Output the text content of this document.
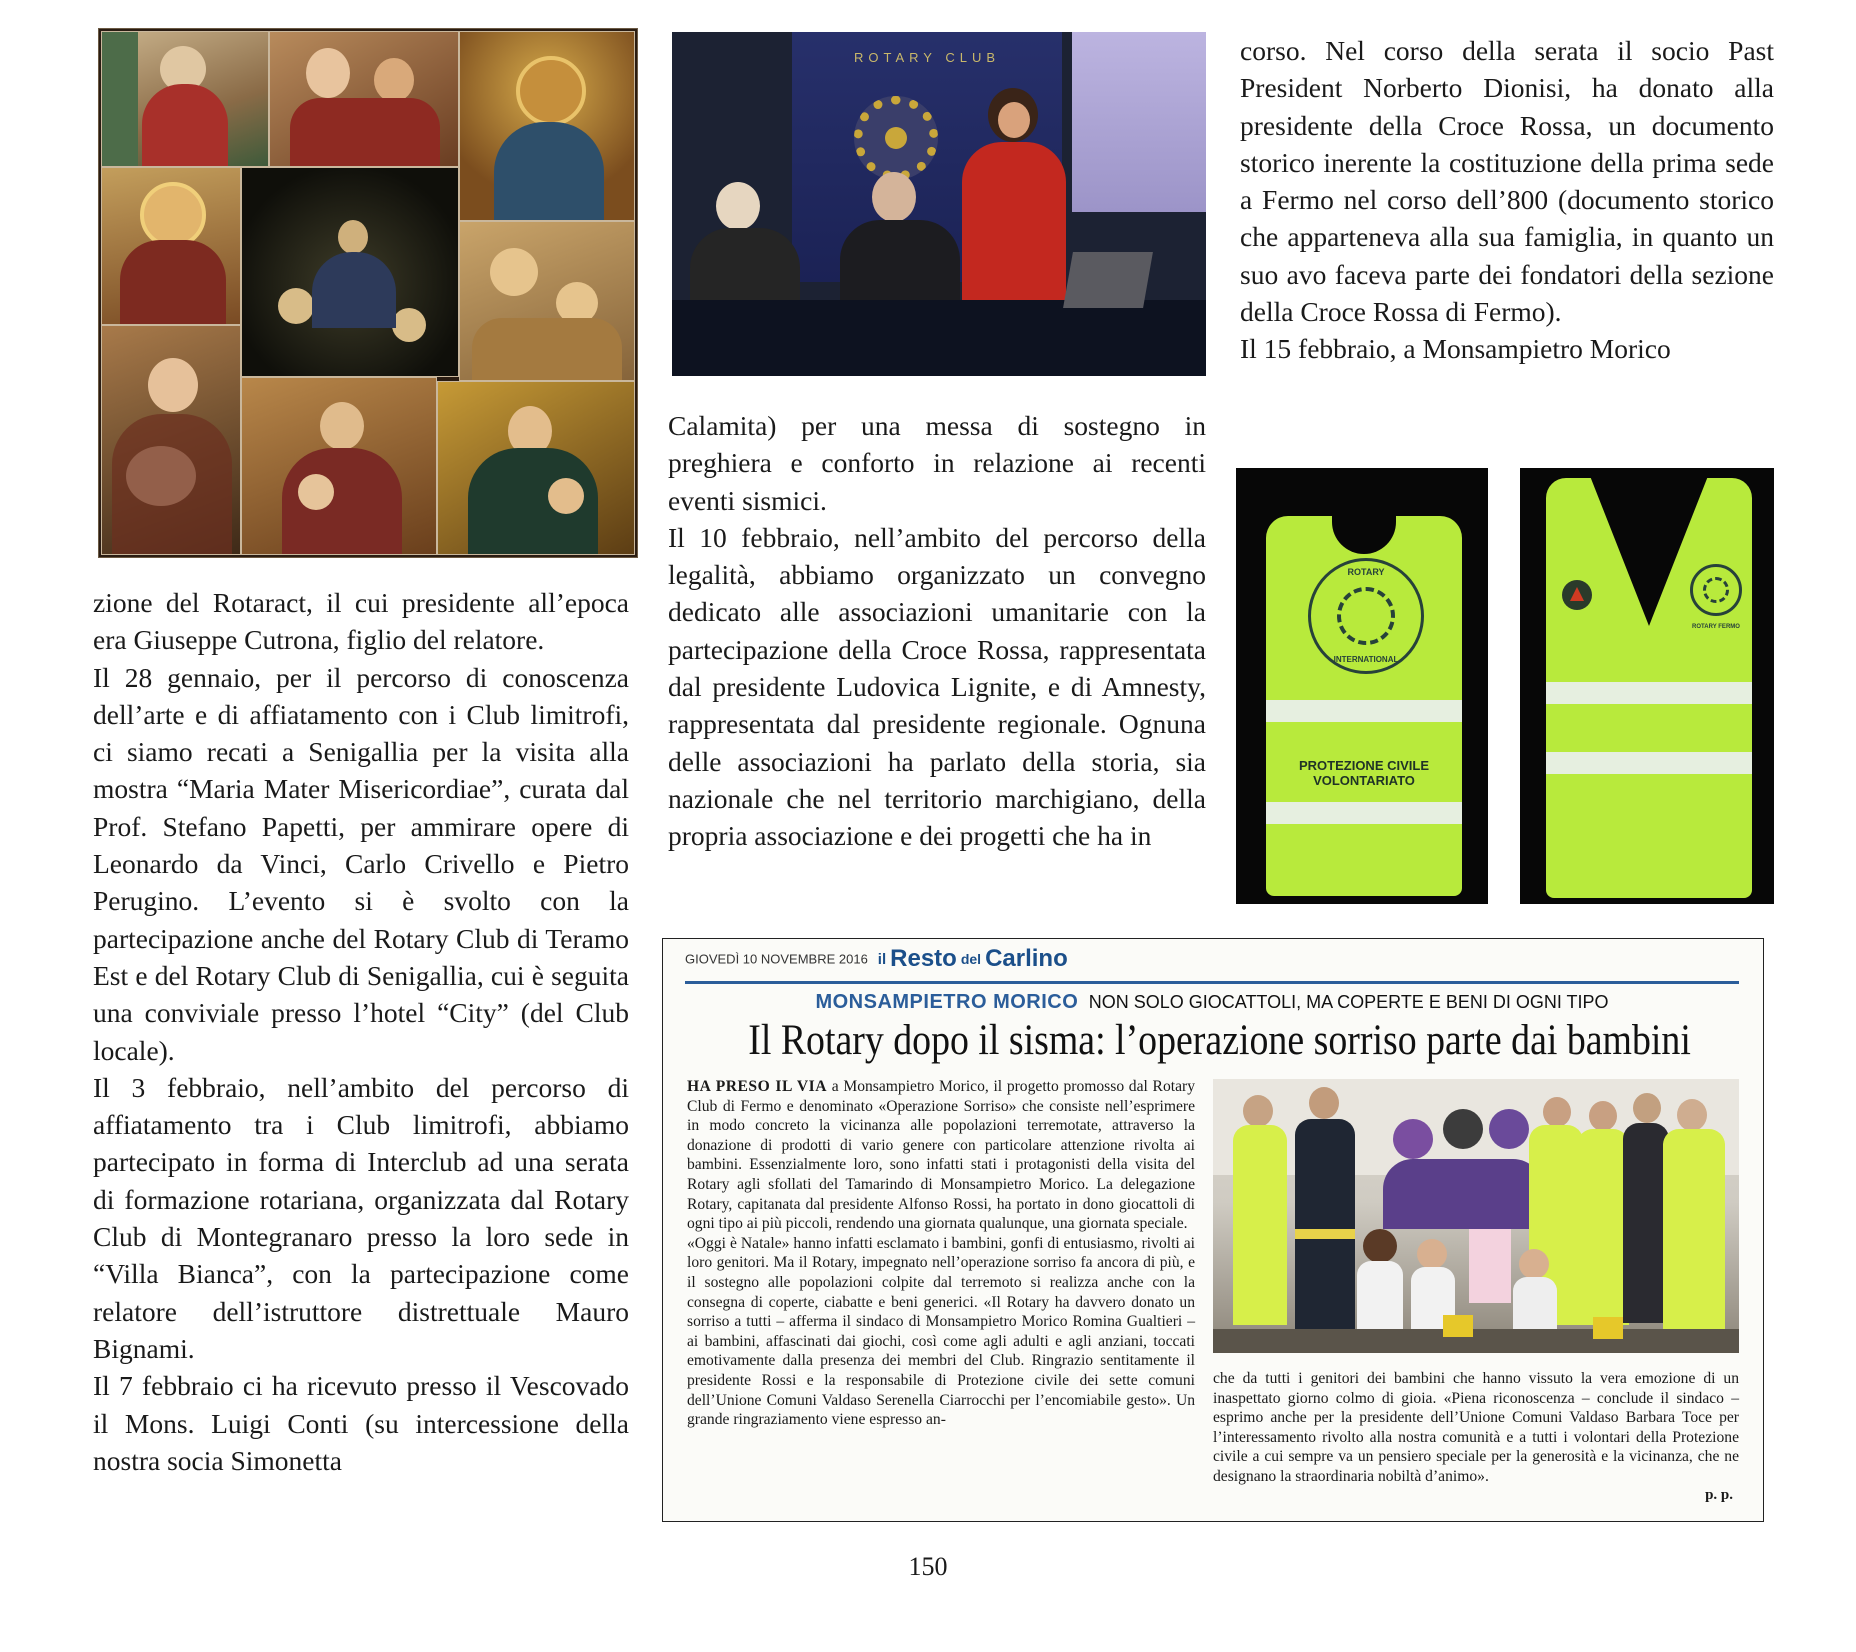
zione del Rotaract, il cui presidente all’epoca era Giuseppe Cutrona, figlio del relatore.

Il 28 gennaio, per il percorso di conoscenza dell’arte e di affiatamento con i Club limitrofi, ci siamo recati a Senigallia per la visita alla mostra “Maria Mater Misericordiae”, curata dal Prof. Stefano Papetti, per ammirare opere di Leonardo da Vinci, Carlo Crivello e Pietro Perugino. L’evento si è svolto con la partecipazione anche del Rotary Club di Teramo Est e del Rotary Club di Senigallia, cui è seguita una conviviale presso l’hotel “City” (del Club locale).

Il 3 febbraio, nell’ambito del percorso di affiatamento tra i Club limitrofi, abbiamo partecipato in forma di Interclub ad una serata di formazione rotariana, organizzata dal Rotary Club di Montegranaro presso la loro sede in “Villa Bianca”, con la partecipazione come relatore dell’istruttore distrettuale Mauro Bignami.

Il 7 febbraio ci ha ricevuto presso il Vescovado il Mons. Luigi Conti (su intercessione della nostra socia Simonetta

ROTARY CLUB

Calamita) per una messa di sostegno in preghiera e conforto in relazione ai recenti eventi sismici.

Il 10 febbraio, nell’ambito del percorso della legalità, abbiamo organizzato un convegno dedicato alle associazioni umanitarie con la partecipazione della Croce Rossa, rappresentata dal presidente Ludovica Lignite, e di Amnesty, rappresentata dal presidente regionale. Ognuna delle associazioni ha parlato della storia, sia nazionale che nel territorio marchigiano, della propria associazione e dei progetti che ha in

corso. Nel corso della serata il socio Past President Norberto Dionisi, ha donato alla presidente della Croce Rossa, un documento storico inerente la costituzione della prima sede a Fermo nel corso dell’800 (documento storico che apparteneva alla sua famiglia, in quanto un suo avo faceva parte dei fondatori della sezione della Croce Rossa di Fermo).

Il 15 febbraio, a Monsampietro Morico

ROTARY
INTERNATIONAL
PROTEZIONE CIVILE
VOLONTARIATO
ROTARY FERMO
GIOVEDÌ 10 NOVEMBRE 2016 il Resto del Carlino
MONSAMPIETRO MORICO NON SOLO GIOCATTOLI, MA COPERTE E BENI DI OGNI TIPO
Il Rotary dopo il sisma: l’operazione sorriso parte dai bambini

HA PRESO IL VIA a Monsampietro Morico, il progetto promosso dal Rotary Club di Fermo e denominato «Operazione Sorriso» che consiste nell’esprimere in modo concreto la vicinanza alle popolazioni terremotate, attraverso la donazione di prodotti di vario genere con particolare attenzione rivolta ai bambini. Essenzialmente loro, sono infatti stati i protagonisti della visita del Rotary agli sfollati del Tamarindo di Monsampietro Morico. La delegazione Rotary, capitanata dal presidente Alfonso Rossi, ha portato in dono giocattoli di ogni tipo ai più piccoli, rendendo una giornata qualunque, una giornata speciale.

«Oggi è Natale» hanno infatti esclamato i bambini, gonfi di entusiasmo, rivolti ai loro genitori. Ma il Rotary, impegnato nell’operazione sorriso fa ancora di più, e il sostegno alle popolazioni colpite dal terremoto si realizza anche con la consegna di coperte, ciabatte e beni generici. «Il Rotary ha davvero donato un sorriso a tutti – afferma il sindaco di Monsampietro Morico Romina Gualtieri – ai bambini, affascinati dai giochi, così come agli adulti e agli anziani, toccati emotivamente dalla presenza dei membri del Club. Ringrazio sentitamente il presidente Rossi e la responsabile di Protezione civile dei sette comuni dell’Unione Comuni Valdaso Serenella Ciarrocchi per l’encomiabile gesto». Un grande ringraziamento viene espresso an-

che da tutti i genitori dei bambini che hanno vissuto la vera emozione di un inaspettato giorno colmo di gioia. «Piena riconoscenza – conclude il sindaco – esprimo anche per la presidente dell’Unione Comuni Valdaso Barbara Toce per l’interessamento rivolto alla nostra comunità e a tutti i volontari della Protezione civile a cui sempre va un pensiero speciale per la generosità e la vicinanza, che ne designano la straordinaria nobiltà d’animo».

p. p.
150
